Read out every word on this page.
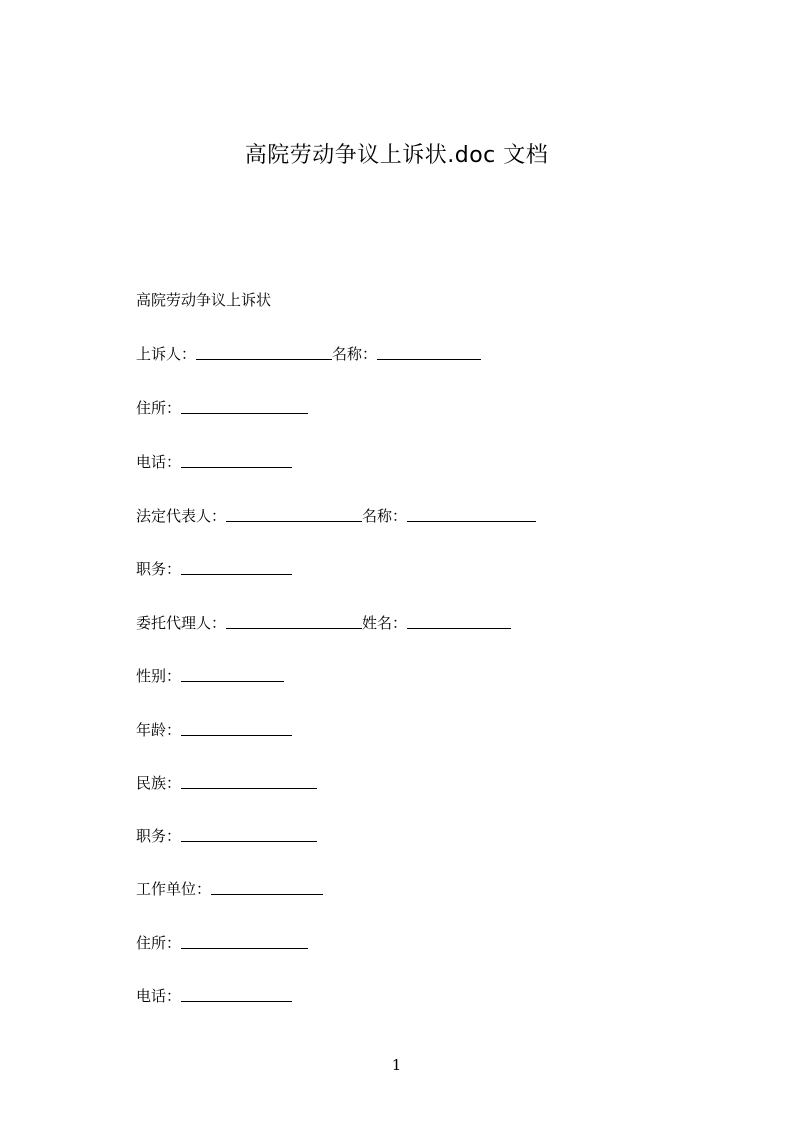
高院劳动争议上诉状.doc 文档
高院劳动争议上诉状
上诉人：	名称：
住所：
电话：
法定代表人：	名称：
职务：
委托代理人：	姓名：
性别：
年龄：
民族：
职务：
工作单位：
住所：
电话：
1
